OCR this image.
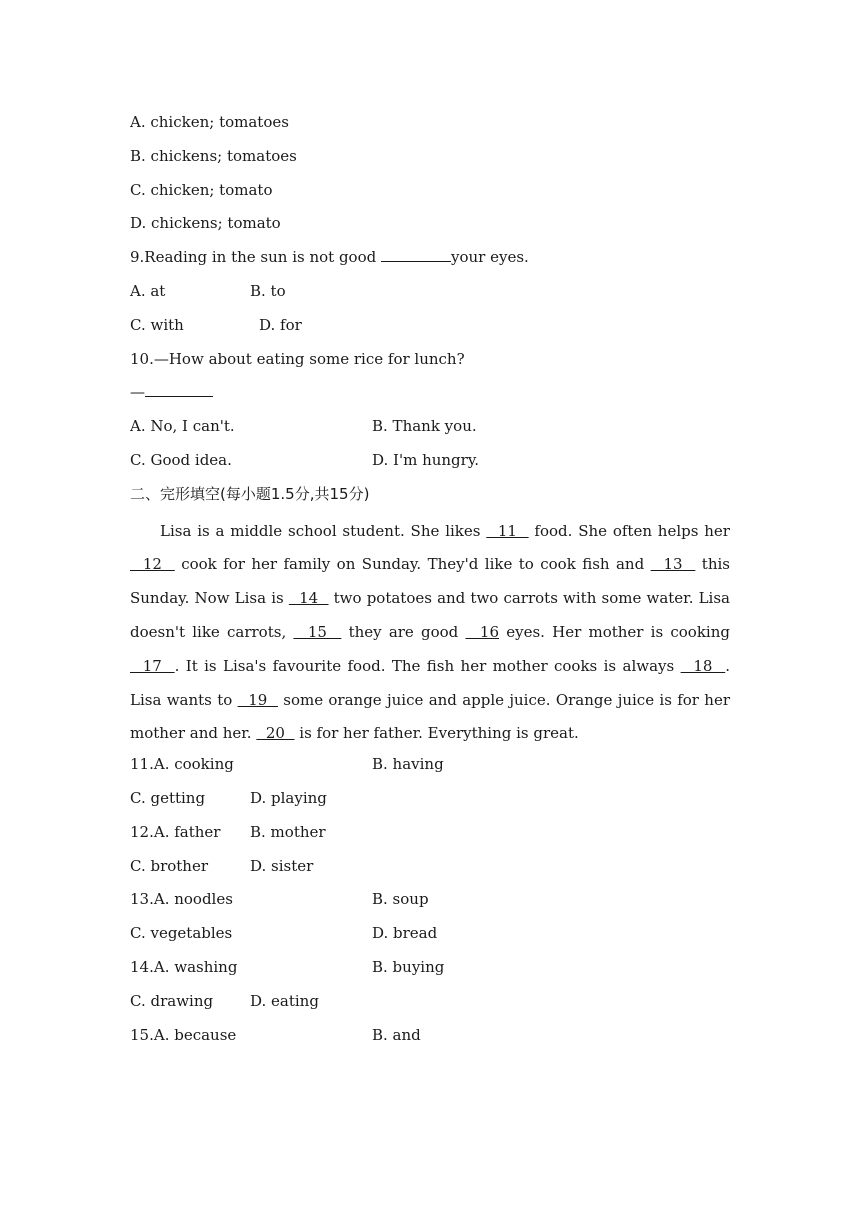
A. chicken; tomatoes
B. chickens; tomatoes
C. chicken; tomato
D. chickens; tomato
9.Reading in the sun is not good	your eyes.
A. at	B. to
C. with	D. for
10.—How about eating some rice for lunch?
—
A. No, I can't.	B. Thank you.
C. Good idea.	D. I'm hungry.
二、完形填空(每小题1.5分,共15分)
Lisa is a middle school student. She likes   11   food. She often helps her   12   cook for her family on Sunday. They'd like to cook fish and   13   this Sunday. Now Lisa is   14   two potatoes and two carrots with some water. Lisa doesn't like carrots,   15   they are good   16 eyes. Her mother is cooking   17  . It is Lisa's favourite food. The fish her mother cooks is always   18  . Lisa wants to   19   some orange juice and apple juice. Orange juice is for her mother and her.   20   is for her father. Everything is great.
11.A. cooking	B. having
C. getting	D. playing
12.A. father B. mother
C. brother	D. sister
13.A. noodles	B. soup
C. vegetables	D. bread
14.A. washing	B. buying
C. drawing D. eating
15.A. because	B. and
